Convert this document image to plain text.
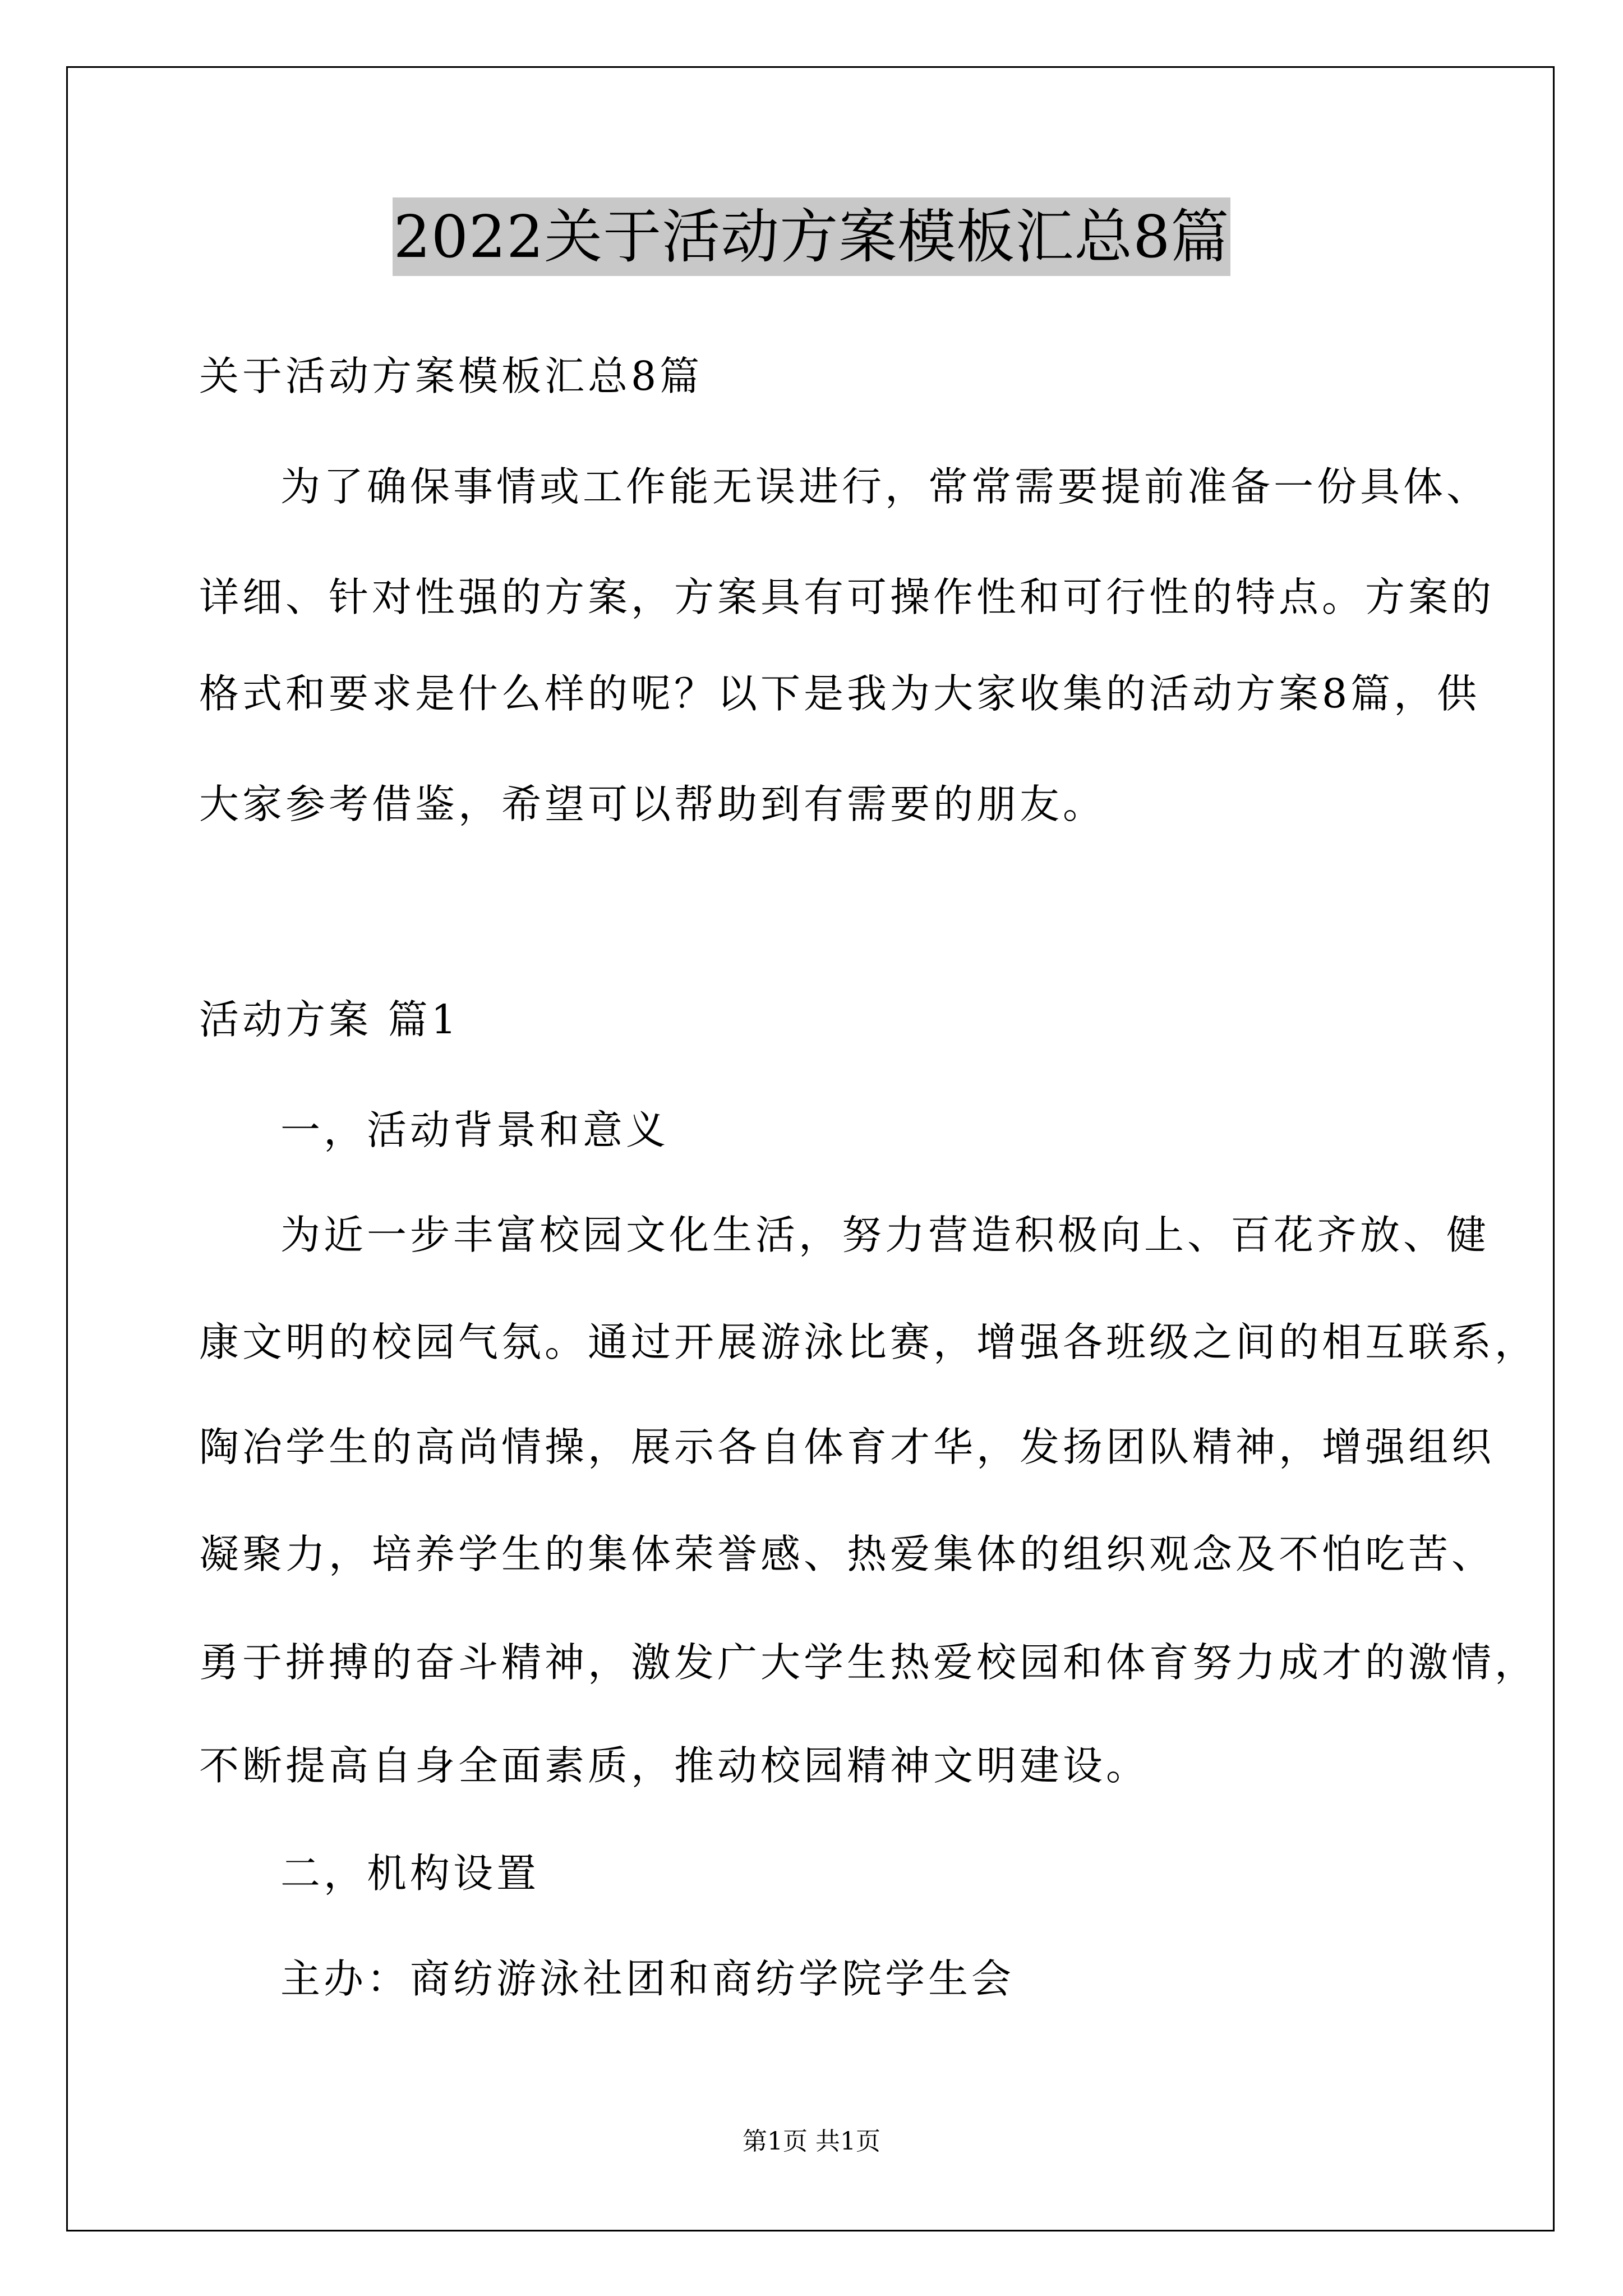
2022关于活动方案模板汇总8篇
关于活动方案模板汇总8篇
为了确保事情或工作能无误进行，常常需要提前准备一份具体、
详细、针对性强的方案，方案具有可操作性和可行性的特点。方案的
格式和要求是什么样的呢？以下是我为大家收集的活动方案8篇，供
大家参考借鉴，希望可以帮助到有需要的朋友。
活动方案 篇1
一，活动背景和意义
为近一步丰富校园文化生活，努力营造积极向上、百花齐放、健
康文明的校园气氛。通过开展游泳比赛，增强各班级之间的相互联系，
陶冶学生的高尚情操，展示各自体育才华，发扬团队精神，增强组织
凝聚力，培养学生的集体荣誉感、热爱集体的组织观念及不怕吃苦、
勇于拼搏的奋斗精神，激发广大学生热爱校园和体育努力成才的激情，
不断提高自身全面素质，推动校园精神文明建设。
二，机构设置
主办：商纺游泳社团和商纺学院学生会
第1页 共1页
